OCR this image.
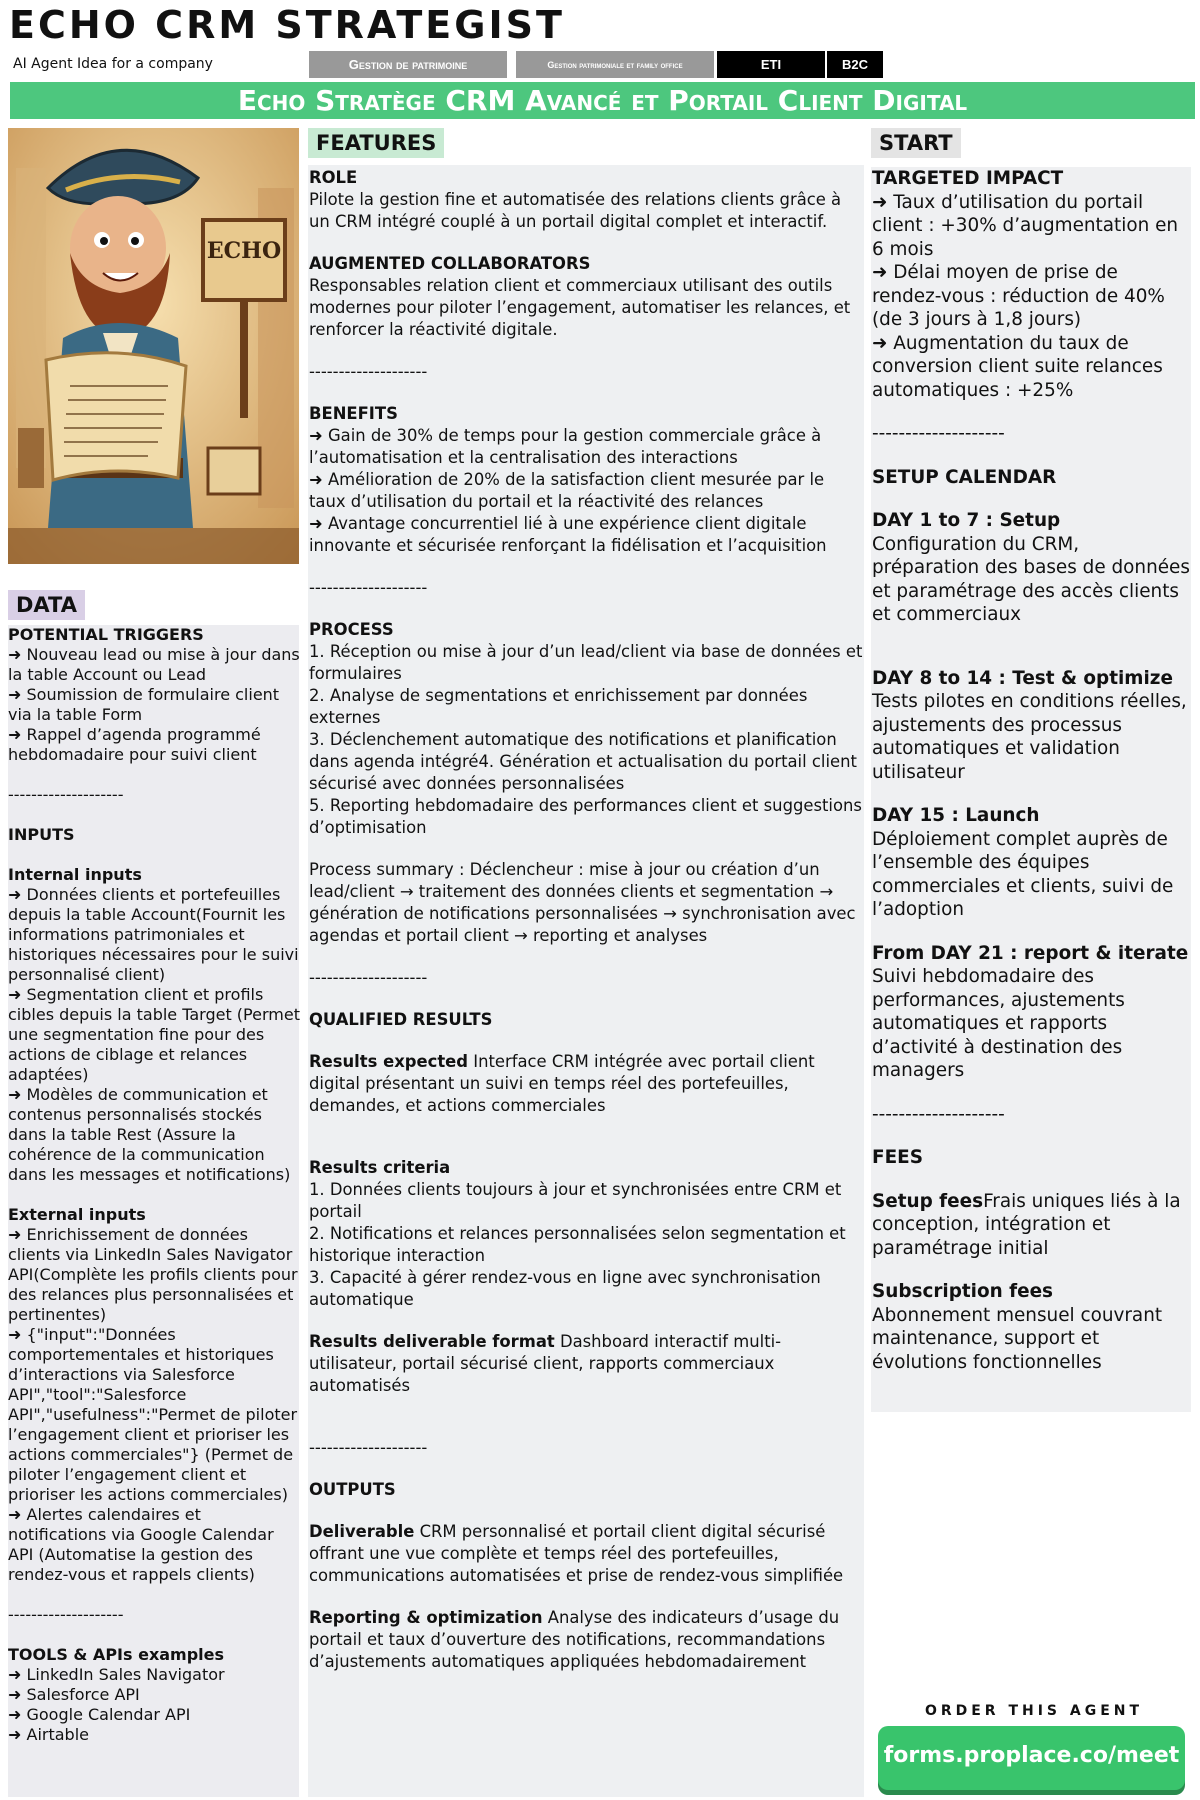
ECHO CRM STRATEGIST
AI Agent Idea for a company	Gestion de patrimoine	Gestion patrimoniale et family office	ETI	B2C
Echo Stratège CRM Avancé et Portail Client Digital
ECHO
DATA
FEATURES	START
POTENTIAL TRIGGERS
➜ Nouveau lead ou mise à jour dans la table Account ou Lead
➜ Soumission de formulaire client via la table Form
➜ Rappel d’agenda programmé hebdomadaire pour suivi client
--------------------
INPUTS
Internal inputs
➜ Données clients et portefeuilles depuis la table Account(Fournit les informations patrimoniales et historiques nécessaires pour le suivi personnalisé client)
➜ Segmentation client et profils cibles depuis la table Target (Permet une segmentation fine pour des actions de ciblage et relances adaptées)
➜ Modèles de communication et contenus personnalisés stockés dans la table Rest (Assure la cohérence de la communication dans les messages et notifications)
External inputs
➜ Enrichissement de données clients via LinkedIn Sales Navigator API(Complète les profils clients pour des relances plus personnalisées et pertinentes)
➜ {"input":"Données comportementales et historiques d’interactions via Salesforce API","tool":"Salesforce API","usefulness":"Permet de piloter l’engagement client et prioriser les actions commerciales"} (Permet de piloter l’engagement client et prioriser les actions commerciales)
➜ Alertes calendaires et notifications via Google Calendar API (Automatise la gestion des rendez-vous et rappels clients)
--------------------
TOOLS & APIs examples
➜ LinkedIn Sales Navigator
➜ Salesforce API
➜ Google Calendar API
➜ Airtable
ROLE
Pilote la gestion fine et automatisée des relations clients grâce à un CRM intégré couplé à un portail digital complet et interactif.
AUGMENTED COLLABORATORS
Responsables relation client et commerciaux utilisant des outils modernes pour piloter l’engagement, automatiser les relances, et renforcer la réactivité digitale.
--------------------
BENEFITS
➜ Gain de 30% de temps pour la gestion commerciale grâce à l’automatisation et la centralisation des interactions
➜ Amélioration de 20% de la satisfaction client mesurée par le taux d’utilisation du portail et la réactivité des relances
➜ Avantage concurrentiel lié à une expérience client digitale innovante et sécurisée renforçant la fidélisation et l’acquisition
--------------------
PROCESS
1. Réception ou mise à jour d’un lead/client via base de données et formulaires
2. Analyse de segmentations et enrichissement par données externes
3. Déclenchement automatique des notifications et planification dans agenda intégré4. Génération et actualisation du portail client sécurisé avec données personnalisées
5. Reporting hebdomadaire des performances client et suggestions d’optimisation
Process summary : Déclencheur : mise à jour ou création d’un lead/client → traitement des données clients et segmentation → génération de notifications personnalisées → synchronisation avec agendas et portail client → reporting et analyses
--------------------
QUALIFIED RESULTS
Results expected Interface CRM intégrée avec portail client digital présentant un suivi en temps réel des portefeuilles, demandes, et actions commerciales
Results criteria
1. Données clients toujours à jour et synchronisées entre CRM et portail
2. Notifications et relances personnalisées selon segmentation et historique interaction
3. Capacité à gérer rendez-vous en ligne avec synchronisation automatique
Results deliverable format Dashboard interactif multi-utilisateur, portail sécurisé client, rapports commerciaux automatisés
--------------------
OUTPUTS
Deliverable CRM personnalisé et portail client digital sécurisé offrant une vue complète et temps réel des portefeuilles, communications automatisées et prise de rendez-vous simplifiée
Reporting & optimization Analyse des indicateurs d’usage du portail et taux d’ouverture des notifications, recommandations d’ajustements automatiques appliquées hebdomadairement
TARGETED IMPACT
➜ Taux d’utilisation du portail client : +30% d’augmentation en 6 mois
➜ Délai moyen de prise de rendez-vous : réduction de 40% (de 3 jours à 1,8 jours)
➜ Augmentation du taux de conversion client suite relances automatiques : +25%
--------------------
SETUP CALENDAR
DAY 1 to 7 : Setup
Configuration du CRM, préparation des bases de données et paramétrage des accès clients et commerciaux
DAY 8 to 14 : Test & optimize
Tests pilotes en conditions réelles, ajustements des processus automatiques et validation utilisateur
DAY 15 : Launch
Déploiement complet auprès de l’ensemble des équipes commerciales et clients, suivi de l’adoption
From DAY 21 : report & iterate
Suivi hebdomadaire des performances, ajustements automatiques et rapports d’activité à destination des managers
--------------------
FEES
Setup feesFrais uniques liés à la conception, intégration et paramétrage initial
Subscription fees
Abonnement mensuel couvrant maintenance, support et évolutions fonctionnelles
ORDER THIS AGENT
forms.proplace.co/meet
